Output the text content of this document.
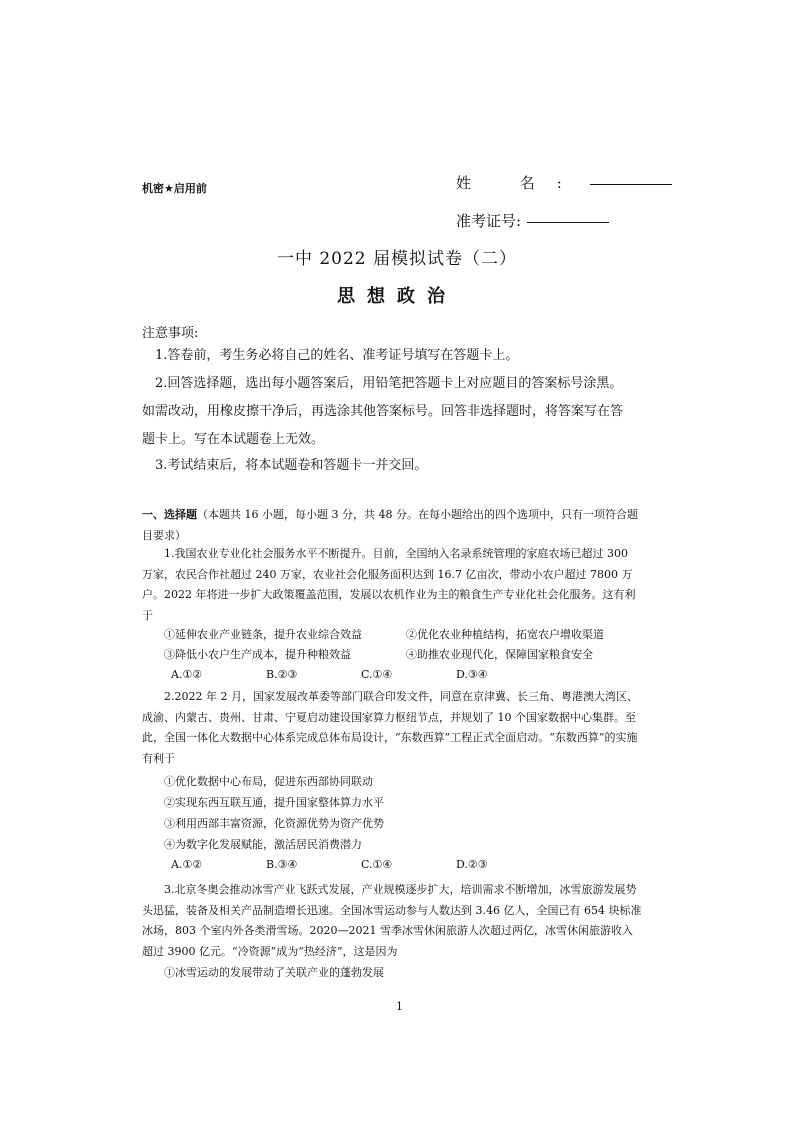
机密★启用前	姓 名:
准考证号:
一中 2022 届模拟试卷（二）
思想政治
注意事项:
1.答卷前，考生务必将自己的姓名、准考证号填写在答题卡上。
2.回答选择题，选出每小题答案后，用铅笔把答题卡上对应题目的答案标号涂黑。如需改动，用橡皮擦干净后，再选涂其他答案标号。回答非选择题时，将答案写在答题卡上。写在本试题卷上无效。
3.考试结束后，将本试题卷和答题卡一并交回。
一、选择题（本题共 16 小题，每小题 3 分，共 48 分。在每小题给出的四个选项中，只有一项符合题目要求）
1.我国农业专业化社会服务水平不断提升。目前，全国纳入名录系统管理的家庭农场已超过 300 万家，农民合作社超过 240 万家，农业社会化服务面积达到 16.7 亿亩次，带动小农户超过 7800 万户。2022 年将进一步扩大政策覆盖范围，发展以农机作业为主的粮食生产专业化社会化服务。这有利于
①延伸农业产业链条，提升农业综合效益	②优化农业种植结构，拓宽农户增收渠道
③降低小农户生产成本，提升种粮效益	④助推农业现代化，保障国家粮食安全
A.①②	B.②③	C.①④	D.③④
2.2022 年 2 月，国家发展改革委等部门联合印发文件，同意在京津冀、长三角、粤港澳大湾区、成渝、内蒙古、贵州、甘肃、宁夏启动建设国家算力枢纽节点，并规划了 10 个国家数据中心集群。至此，全国一体化大数据中心体系完成总体布局设计，“东数西算”工程正式全面启动。“东数西算”的实施有利于
①优化数据中心布局，促进东西部协同联动
②实现东西互联互通，提升国家整体算力水平
③利用西部丰富资源，化资源优势为资产优势
④为数字化发展赋能，激活居民消费潜力
A.①②	B.③④	C.①④	D.②③
3.北京冬奥会推动冰雪产业飞跃式发展，产业规模逐步扩大，培训需求不断增加，冰雪旅游发展势头迅猛，装备及相关产品制造增长迅速。全国冰雪运动参与人数达到 3.46 亿人，全国已有 654 块标准冰场，803 个室内外各类滑雪场。2020—2021 雪季冰雪休闲旅游人次超过两亿，冰雪休闲旅游收入超过 3900 亿元。“冷资源”成为“热经济”，这是因为
①冰雪运动的发展带动了关联产业的蓬勃发展
1
